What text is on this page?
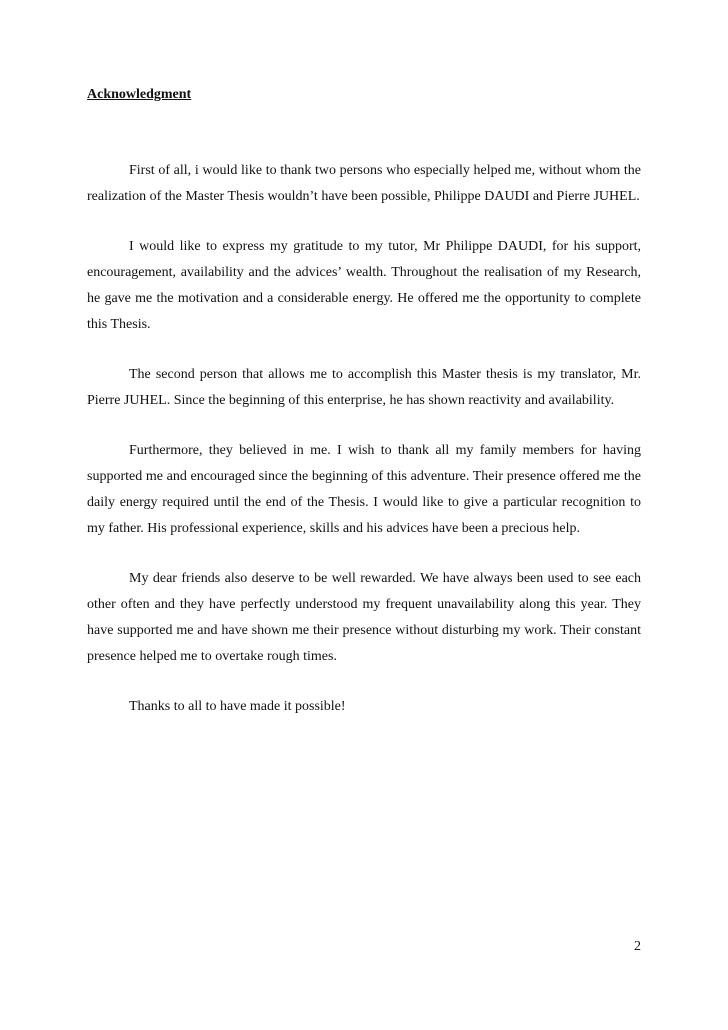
Acknowledgment

First of all, i would like to thank two persons who especially helped me, without whom the realization of the Master Thesis wouldn’t have been possible, Philippe DAUDI and Pierre JUHEL.

I would like to express my gratitude to my tutor, Mr Philippe DAUDI, for his support, encouragement, availability and the advices’ wealth. Throughout the realisation of my Research, he gave me the motivation and a considerable energy. He offered me the opportunity to complete this Thesis.

The second person that allows me to accomplish this Master thesis is my translator, Mr. Pierre JUHEL. Since the beginning of this enterprise, he has shown reactivity and availability.

Furthermore, they believed in me. I wish to thank all my family members for having supported me and encouraged since the beginning of this adventure. Their presence offered me the daily energy required until the end of the Thesis. I would like to give a particular recognition to my father. His professional experience, skills and his advices have been a precious help.

My dear friends also deserve to be well rewarded. We have always been used to see each other often and they have perfectly understood my frequent unavailability along this year. They have supported me and have shown me their presence without disturbing my work. Their constant presence helped me to overtake rough times.

Thanks to all to have made it possible!

2
